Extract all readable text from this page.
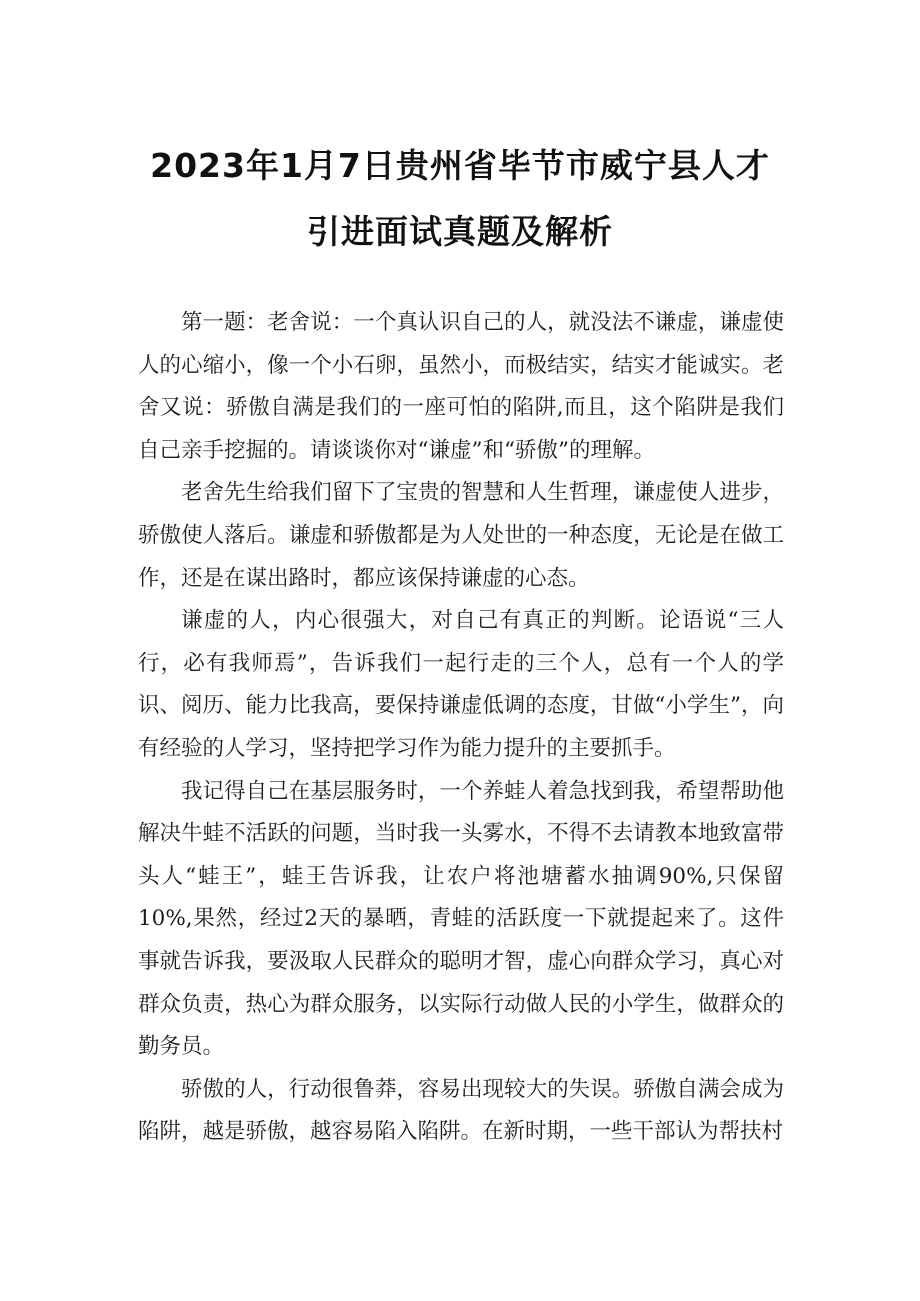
2023年1月7日贵州省毕节市威宁县人才
引进面试真题及解析

第一题：老舍说：一个真认识自己的人，就没法不谦虚，谦虚使人的心缩小，像一个小石卵，虽然小，而极结实，结实才能诚实。老舍又说：骄傲自满是我们的一座可怕的陷阱,而且，这个陷阱是我们自己亲手挖掘的。请谈谈你对“谦虚”和“骄傲”的理解。

老舍先生给我们留下了宝贵的智慧和人生哲理，谦虚使人进步，骄傲使人落后。谦虚和骄傲都是为人处世的一种态度，无论是在做工作，还是在谋出路时，都应该保持谦虚的心态。

谦虚的人，内心很强大，对自己有真正的判断。论语说“三人行，必有我师焉”，告诉我们一起行走的三个人，总有一个人的学识、阅历、能力比我高，要保持谦虚低调的态度，甘做“小学生”，向有经验的人学习，坚持把学习作为能力提升的主要抓手。

我记得自己在基层服务时，一个养蛙人着急找到我，希望帮助他解决牛蛙不活跃的问题，当时我一头雾水，不得不去请教本地致富带头人“蛙王”，蛙王告诉我，让农户将池塘蓄水抽调90%,只保留10%,果然，经过2天的暴晒，青蛙的活跃度一下就提起来了。这件事就告诉我，要汲取人民群众的聪明才智，虚心向群众学习，真心对群众负责，热心为群众服务，以实际行动做人民的小学生，做群众的勤务员。

骄傲的人，行动很鲁莽，容易出现较大的失误。骄傲自满会成为陷阱，越是骄傲，越容易陷入陷阱。在新时期，一些干部认为帮扶村
